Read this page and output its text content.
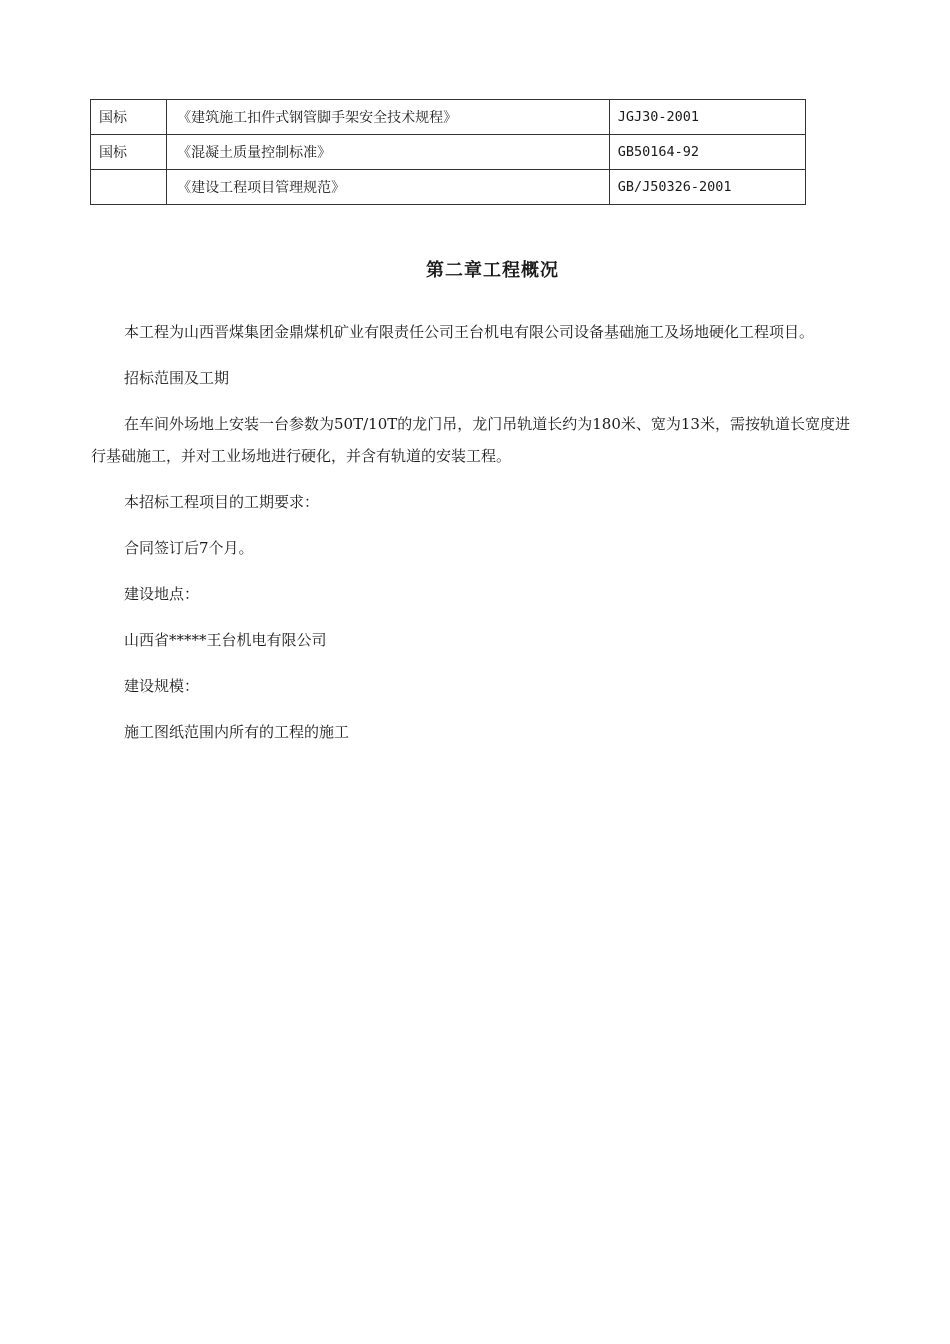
国标	《建筑施工扣件式钢管脚手架安全技术规程》	JGJ30-2001
国标	《混凝土质量控制标准》	GB50164-92
	《建设工程项目管理规范》	GB/J50326-2001
第二章工程概况

本工程为山西晋煤集团金鼎煤机矿业有限责任公司王台机电有限公司设备基础施工及场地硬化工程项目。

招标范围及工期

在车间外场地上安装一台参数为50T/10T的龙门吊，龙门吊轨道长约为180米、宽为13米，需按轨道长宽度进行基础施工，并对工业场地进行硬化，并含有轨道的安装工程。

本招标工程项目的工期要求：

合同签订后7个月。

建设地点：

山西省*****王台机电有限公司

建设规模：

施工图纸范围内所有的工程的施工
